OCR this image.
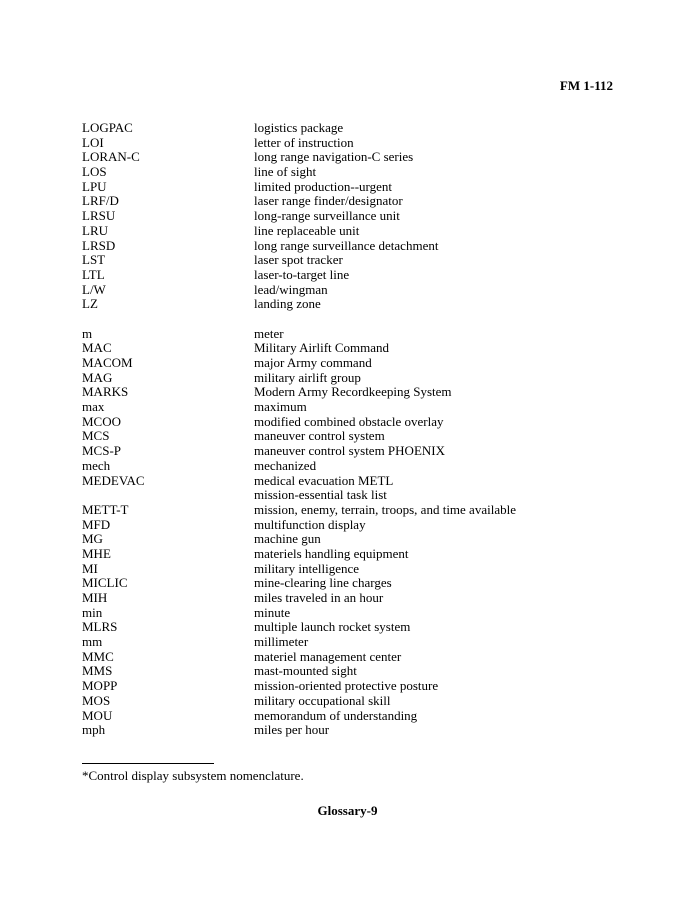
FM 1-112
LOGPAC	logistics package
LOI	letter of instruction
LORAN-C	long range navigation-C series
LOS	line of sight
LPU	limited production--urgent
LRF/D	laser range finder/designator
LRSU	long-range surveillance unit
LRU	line replaceable unit
LRSD	long range surveillance detachment
LST	laser spot tracker
LTL	laser-to-target line
L/W	lead/wingman
LZ	landing zone
m	meter
MAC	Military Airlift Command
MACOM	major Army command
MAG	military airlift group
MARKS	Modern Army Recordkeeping System
max	maximum
MCOO	modified combined obstacle overlay
MCS	maneuver control system
MCS-P	maneuver control system PHOENIX
mech	mechanized
MEDEVAC	medical evacuation METL
mission-essential task list
METT-T	mission, enemy, terrain, troops, and time available
MFD	multifunction display
MG	machine gun
MHE	materiels handling equipment
MI	military intelligence
MICLIC	mine-clearing line charges
MIH	miles traveled in an hour
min	minute
MLRS	multiple launch rocket system
mm	millimeter
MMC	materiel management center
MMS	mast-mounted sight
MOPP	mission-oriented protective posture
MOS	military occupational skill
MOU	memorandum of understanding
mph	miles per hour
*Control display subsystem nomenclature.
Glossary-9
